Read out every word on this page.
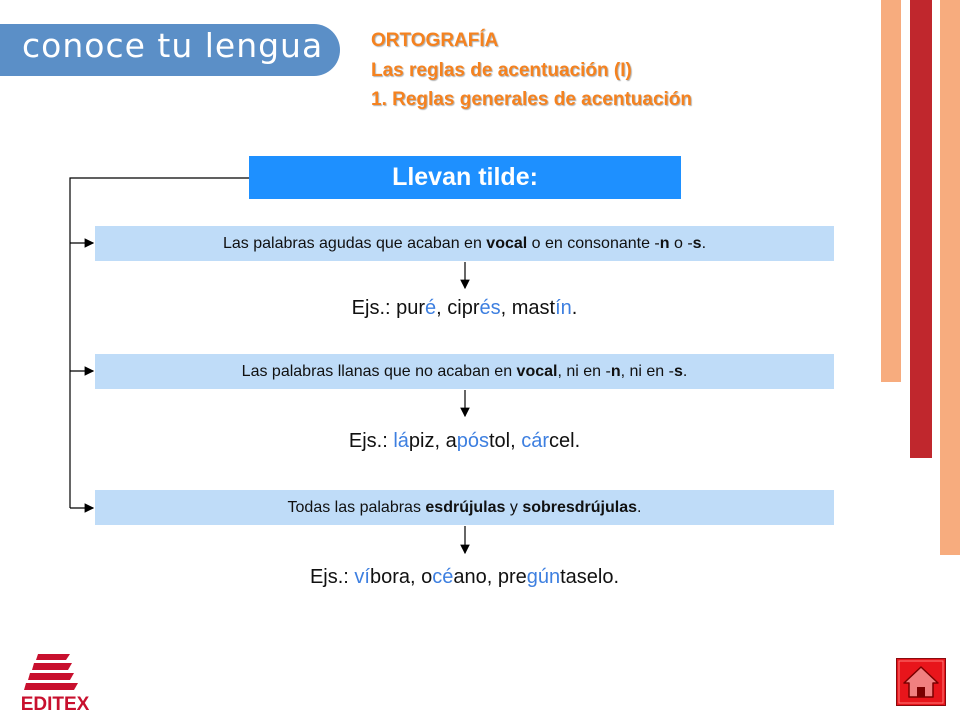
conoce tu lengua	ORTOGRAFÍA
Las reglas de acentuación (I)
1. Reglas generales de acentuación
Llevan tilde:
Las palabras agudas que acaban en vocal o en consonante -n o -s.
Las palabras llanas que no acaban en vocal, ni en -n, ni en -s.
Todas las palabras esdrújulas y sobresdrújulas.
Ejs.: puré, ciprés, mastín.
Ejs.: lápiz, apóstol, cárcel.
Ejs.: víbora, océano, pregúntaselo.
EDITEX
